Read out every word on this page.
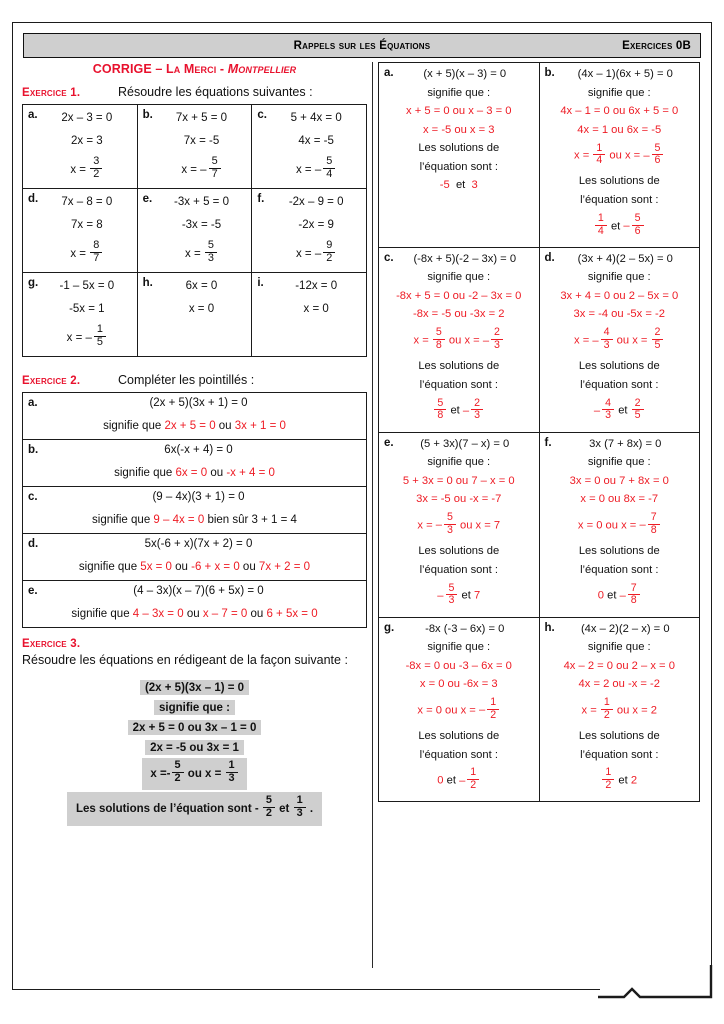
Rappels sur les Équations	Exercices 0B
CORRIGE – La Merci - Montpellier
Exercice 1.	Résoudre les équations suivantes :
a. 2x – 3 = 0
2x = 3
$x = \frac{3}{2}$

b. 7x + 5 = 0
7x = -5
x = – $\frac{5}{7}$

c. 5 + 4x = 0
4x = -5
x = – $\frac{5}{4}$

d. 7x – 8 = 0
7x = 8
$x = \frac{8}{7}$

e. -3x + 5 = 0
-3x = -5
$x = \frac{5}{3}$

f. -2x – 9 = 0
-2x = 9
x = – $\frac{9}{2}$

g. -1 – 5x = 0
-5x = 1
x = – $\frac{1}{5}$

h.	6x = 0
x = 0

i.	-12x = 0
x = 0
Exercice 2.	Compléter les pointillés :
a.	(2x + 5)(3x + 1) = 0
signifie que 2x + 5 = 0 ou 3x + 1 = 0

b.	6x(-x + 4) = 0
signifie que 6x = 0 ou -x + 4 = 0

c.	(9 – 4x)(3 + 1) = 0
signifie que 9 – 4x = 0 bien sûr 3 + 1 = 4

d.	5x(-6 + x)(7x + 2) = 0
signifie que 5x = 0 ou -6 + x = 0 ou 7x + 2 = 0

e.	(4 – 3x)(x – 7)(6 + 5x) = 0
signifie que 4 – 3x = 0 ou x – 7 = 0 ou 6 + 5x = 0
Exercice 3.
Résoudre les équations en rédigeant de la façon suivante :
(2x + 5)(3x – 1) = 0
signifie que :
2x + 5 = 0 ou 3x – 1 = 0
2x = -5 ou 3x = 1
$x =- \frac{5}{2}$ ou $x = \frac{1}{3}$
Les solutions de l’équation sont - $\frac{5}{2}$ et $\frac{1}{3}$ .
a.	(x + 5)(x – 3) = 0
signifie que :
x + 5 = 0 ou x – 3 = 0
x = -5 ou x = 3
Les solutions de
l’équation sont :
-5 et 3

b.	(4x – 1)(6x + 5) = 0
signifie que :
4x – 1 = 0 ou 6x + 5 = 0
4x = 1 ou 6x = -5
$x = \frac{1}{4}$ ou x = – $\frac{5}{6}$
Les solutions de
l’équation sont :
$\frac{1}{4}$ et – $\frac{5}{6}$

c.	(-8x + 5)(-2 – 3x) = 0
signifie que :
-8x + 5 = 0 ou -2 – 3x = 0
-8x = -5 ou -3x = 2
$x = \frac{5}{8}$ ou x = – $\frac{2}{3}$
Les solutions de
l’équation sont :
$\frac{5}{8}$ et – $\frac{2}{3}$

d.	(3x + 4)(2 – 5x) = 0
signifie que :
3x + 4 = 0 ou 2 – 5x = 0
3x = -4 ou -5x = -2
x = – $\frac{4}{3}$ ou $x = \frac{2}{5}$
Les solutions de
l’équation sont :
– $\frac{4}{3}$ et $\frac{2}{5}$

e.	(5 + 3x)(7 – x) = 0
signifie que :
5 + 3x = 0 ou 7 – x = 0
3x = -5 ou -x = -7
x = – $\frac{5}{3}$ ou x = 7
Les solutions de
l’équation sont :
– $\frac{5}{3}$ et 7

f.	3x (7 + 8x) = 0
signifie que :
3x = 0 ou 7 + 8x = 0
x = 0 ou 8x = -7
x = 0 ou x = – $\frac{7}{8}$
Les solutions de
l’équation sont :
0 et – $\frac{7}{8}$

g.	-8x (-3 – 6x) = 0
signifie que :
-8x = 0 ou -3 – 6x = 0
x = 0 ou -6x = 3
x = 0 ou x = – $\frac{1}{2}$
Les solutions de
l’équation sont :
0 et – $\frac{1}{2}$

h.	(4x – 2)(2 – x) = 0
signifie que :
4x – 2 = 0 ou 2 – x = 0
4x = 2 ou -x = -2
$x = \frac{1}{2}$ ou x = 2
Les solutions de
l’équation sont :
$\frac{1}{2}$ et 2
